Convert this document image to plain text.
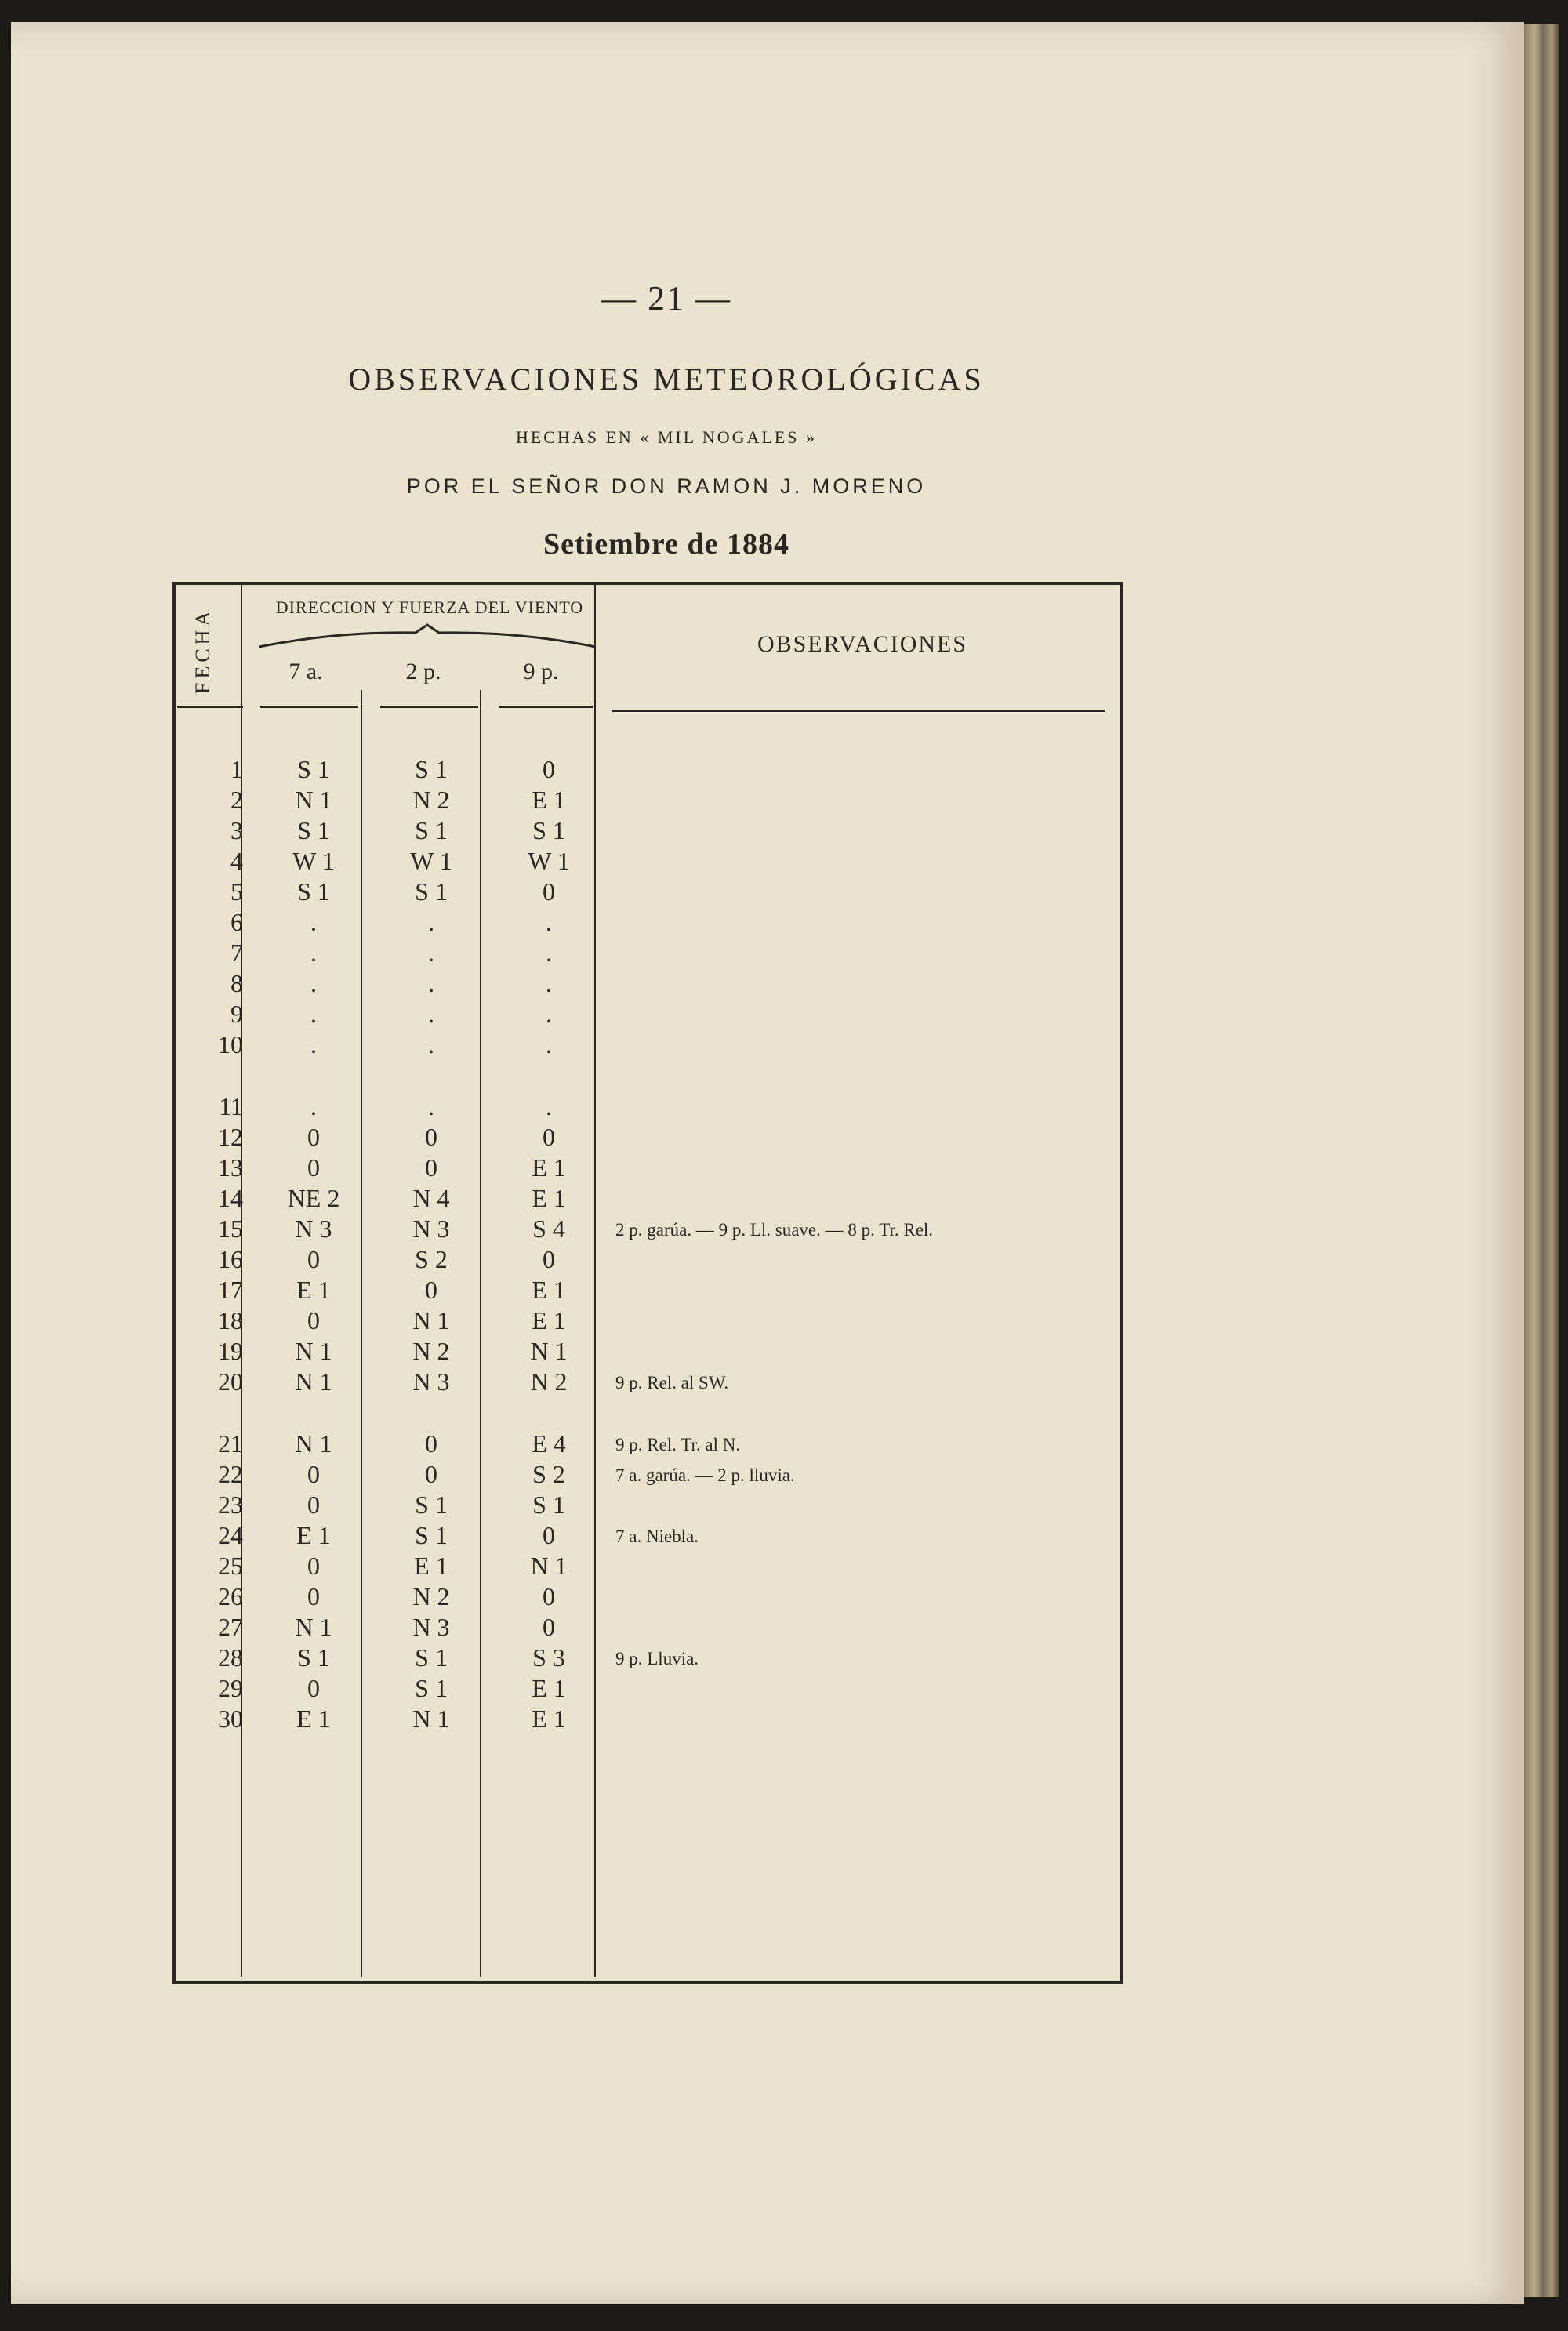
— 21 —
OBSERVACIONES METEOROLÓGICAS
HECHAS EN « MIL NOGALES »
POR EL SEÑOR DON RAMON J. MORENO
Setiembre de 1884
FECHA
DIRECCION Y FUERZA DEL VIENTO
7 a.	2 p.	9 p.
OBSERVACIONES
1	S 1	S 1	0
2	N 1	N 2	E 1
3	S 1	S 1	S 1
4	W 1	W 1	W 1
5	S 1	S 1	0
6	.	.	.
7	.	.	.
8	.	.	.
9	.	.	.
10	.	.	.
11	.	.	.
12	0	0	0
13	0	0	E 1
14	NE 2	N 4	E 1
15	N 3	N 3	S 4	2 p. garúa. — 9 p. Ll. suave. — 8 p. Tr. Rel.
16	0	S 2	0
17	E 1	0	E 1
18	0	N 1	E 1
19	N 1	N 2	N 1
20	N 1	N 3	N 2	9 p. Rel. al SW.
21	N 1	0	E 4	9 p. Rel. Tr. al N.
22	0	0	S 2	7 a. garúa. — 2 p. lluvia.
23	0	S 1	S 1
24	E 1	S 1	0	7 a. Niebla.
25	0	E 1	N 1
26	0	N 2	0
27	N 1	N 3	0
28	S 1	S 1	S 3	9 p. Lluvia.
29	0	S 1	E 1
30	E 1	N 1	E 1
